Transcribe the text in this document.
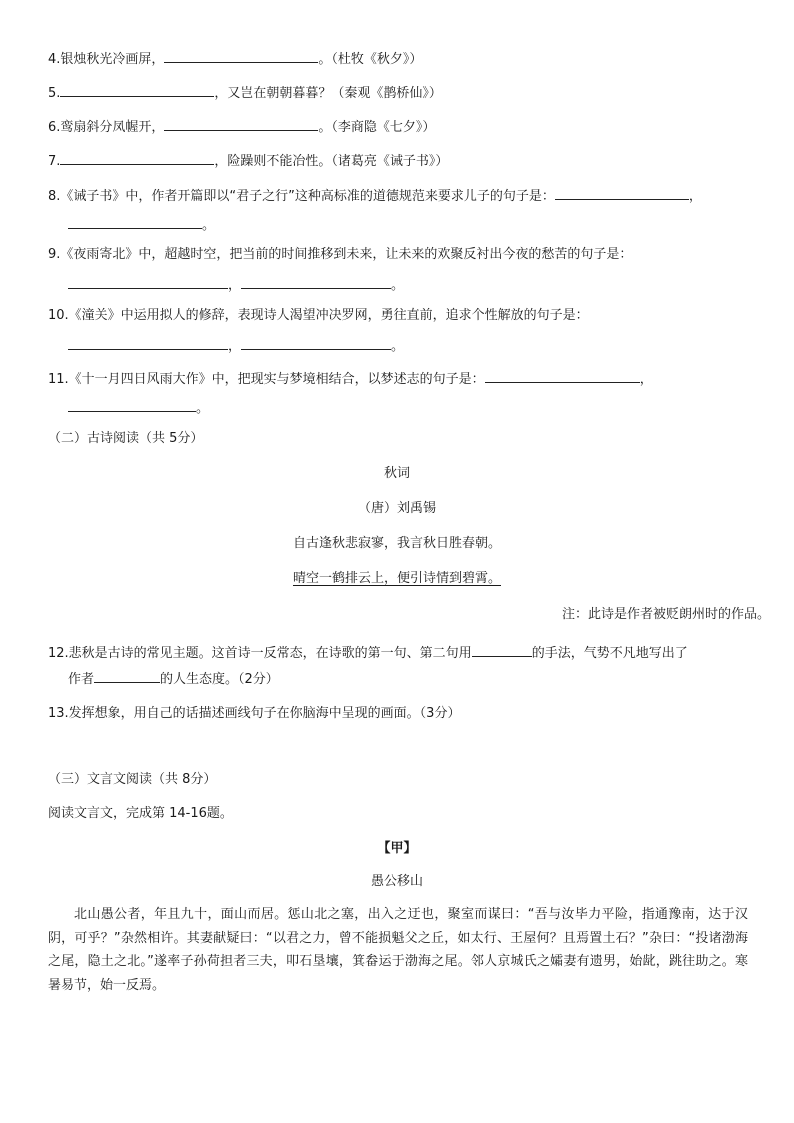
4.银烛秋光冷画屏，	。（杜牧《秋夕》）
5.	，又岂在朝朝暮暮？（秦观《鹊桥仙》）
6.鸾扇斜分凤幄开，	。（李商隐《七夕》）
7.	，险躁则不能冶性。（诸葛亮《诫子书》）
8.《诫子书》中，作者开篇即以“君子之行”这种高标准的道德规范来要求儿子的句子是：	，
。
9.《夜雨寄北》中，超越时空，把当前的时间推移到未来，让未来的欢聚反衬出今夜的愁苦的句子是：
，	。
10.《潼关》中运用拟人的修辞，表现诗人渴望冲决罗网，勇往直前，追求个性解放的句子是：
，	。
11.《十一月四日风雨大作》中，把现实与梦境相结合，以梦述志的句子是：	，
。
（二）古诗阅读（共 5分）
秋词
（唐）刘禹锡
自古逢秋悲寂寥，我言秋日胜春朝。
晴空一鹤排云上，便引诗情到碧霄。
注：此诗是作者被贬朗州时的作品。
12.悲秋是古诗的常见主题。这首诗一反常态，在诗歌的第一句、第二句用	的手法，气势不凡地写出了
作者	的人生态度。（2分）
13.发挥想象，用自己的话描述画线句子在你脑海中呈现的画面。（3分）
（三）文言文阅读（共 8分）
阅读文言文，完成第 14-16题。
【甲】
愚公移山
北山愚公者，年且九十，面山而居。惩山北之塞，出入之迂也，聚室而谋曰：“吾与汝毕力平险，指通豫南，达于汉阴，可乎？”杂然相许。其妻献疑曰：“以君之力，曾不能损魁父之丘，如太行、王屋何？且焉置土石？”杂曰：“投诸渤海之尾，隐土之北。”遂率子孙荷担者三夫，叩石垦壤，箕畚运于渤海之尾。邻人京城氏之孀妻有遗男，始龀，跳往助之。寒暑易节，始一反焉。
